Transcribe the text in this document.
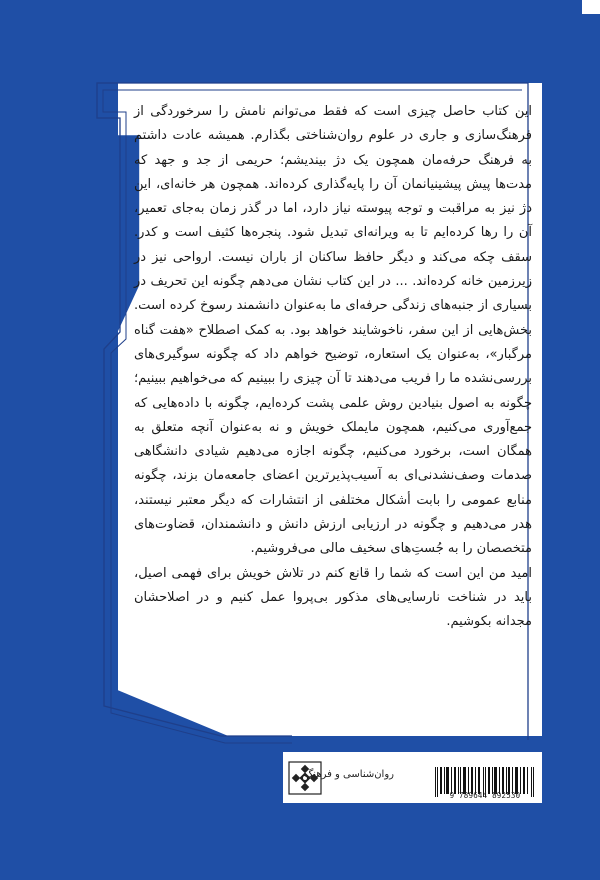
این کتاب حاصل چیزی است که فقط می‌توانم نامش را سرخوردگی از فرهنگ‌سازی و جاری در علوم روان‌شناختی بگذارم. همیشه عادت داشتم به فرهنگ حرفه‌مان همچون یک دژ بیندیشم؛ حریمی از جد و جهد که مدت‌ها پیش پیشینیانمان آن را پایه‌گذاری کرده‌اند. همچون هر خانه‌ای، این دژ نیز به مراقبت و توجه پیوسته نیاز دارد، اما در گذر زمان به‌جای تعمیر، آن را رها کرده‌ایم تا به ویرانه‌ای تبدیل شود. پنجره‌ها کثیف است و کدر. سقف چکه می‌کند و دیگر حافظ ساکنان از باران نیست. ارواحی نیز در زیرزمین خانه کرده‌اند. ... در این کتاب نشان می‌دهم چگونه این تحریف در بسیاری از جنبه‌های زندگی حرفه‌ای ما به‌عنوان دانشمند رسوخ کرده است. بخش‌هایی از این سفر، ناخوشایند خواهد بود. به کمک اصطلاح «هفت گناه مرگبار»، به‌عنوان یک استعاره، توضیح خواهم داد که چگونه سوگیری‌های بررسی‌نشده ما را فریب می‌دهند تا آن چیزی را ببینیم که می‌خواهیم ببینیم؛ چگونه به اصول بنیادین روش علمی پشت کرده‌ایم، چگونه با داده‌هایی که جمع‌آوری می‌کنیم، همچون مایملک خویش و نه به‌عنوان آنچه متعلق به همگان است، برخورد می‌کنیم، چگونه اجازه می‌دهیم شیادی دانشگاهی صدمات وصف‌نشدنی‌ای به آسیب‌پذیرترین اعضای جامعه‌مان بزند، چگونه منابع عمومی را بابت أشکال مختلفی از انتشارات که دیگر معتبر نیستند، هدر می‌دهیم و چگونه در ارزیابی ارزش دانش و دانشمندان، قضاوت‌های متخصصان را به جُستِ‌های سخیف مالی می‌فروشیم.

امید من این است که شما را قانع کنم در تلاش خویش برای فهمی اصیل، باید در شناخت نارسایی‌های مذکور بی‌پروا عمل کنیم و در اصلاحشان مجدانه بکوشیم.

روان‌شناسی و فرهنگ
9 789644 892530
